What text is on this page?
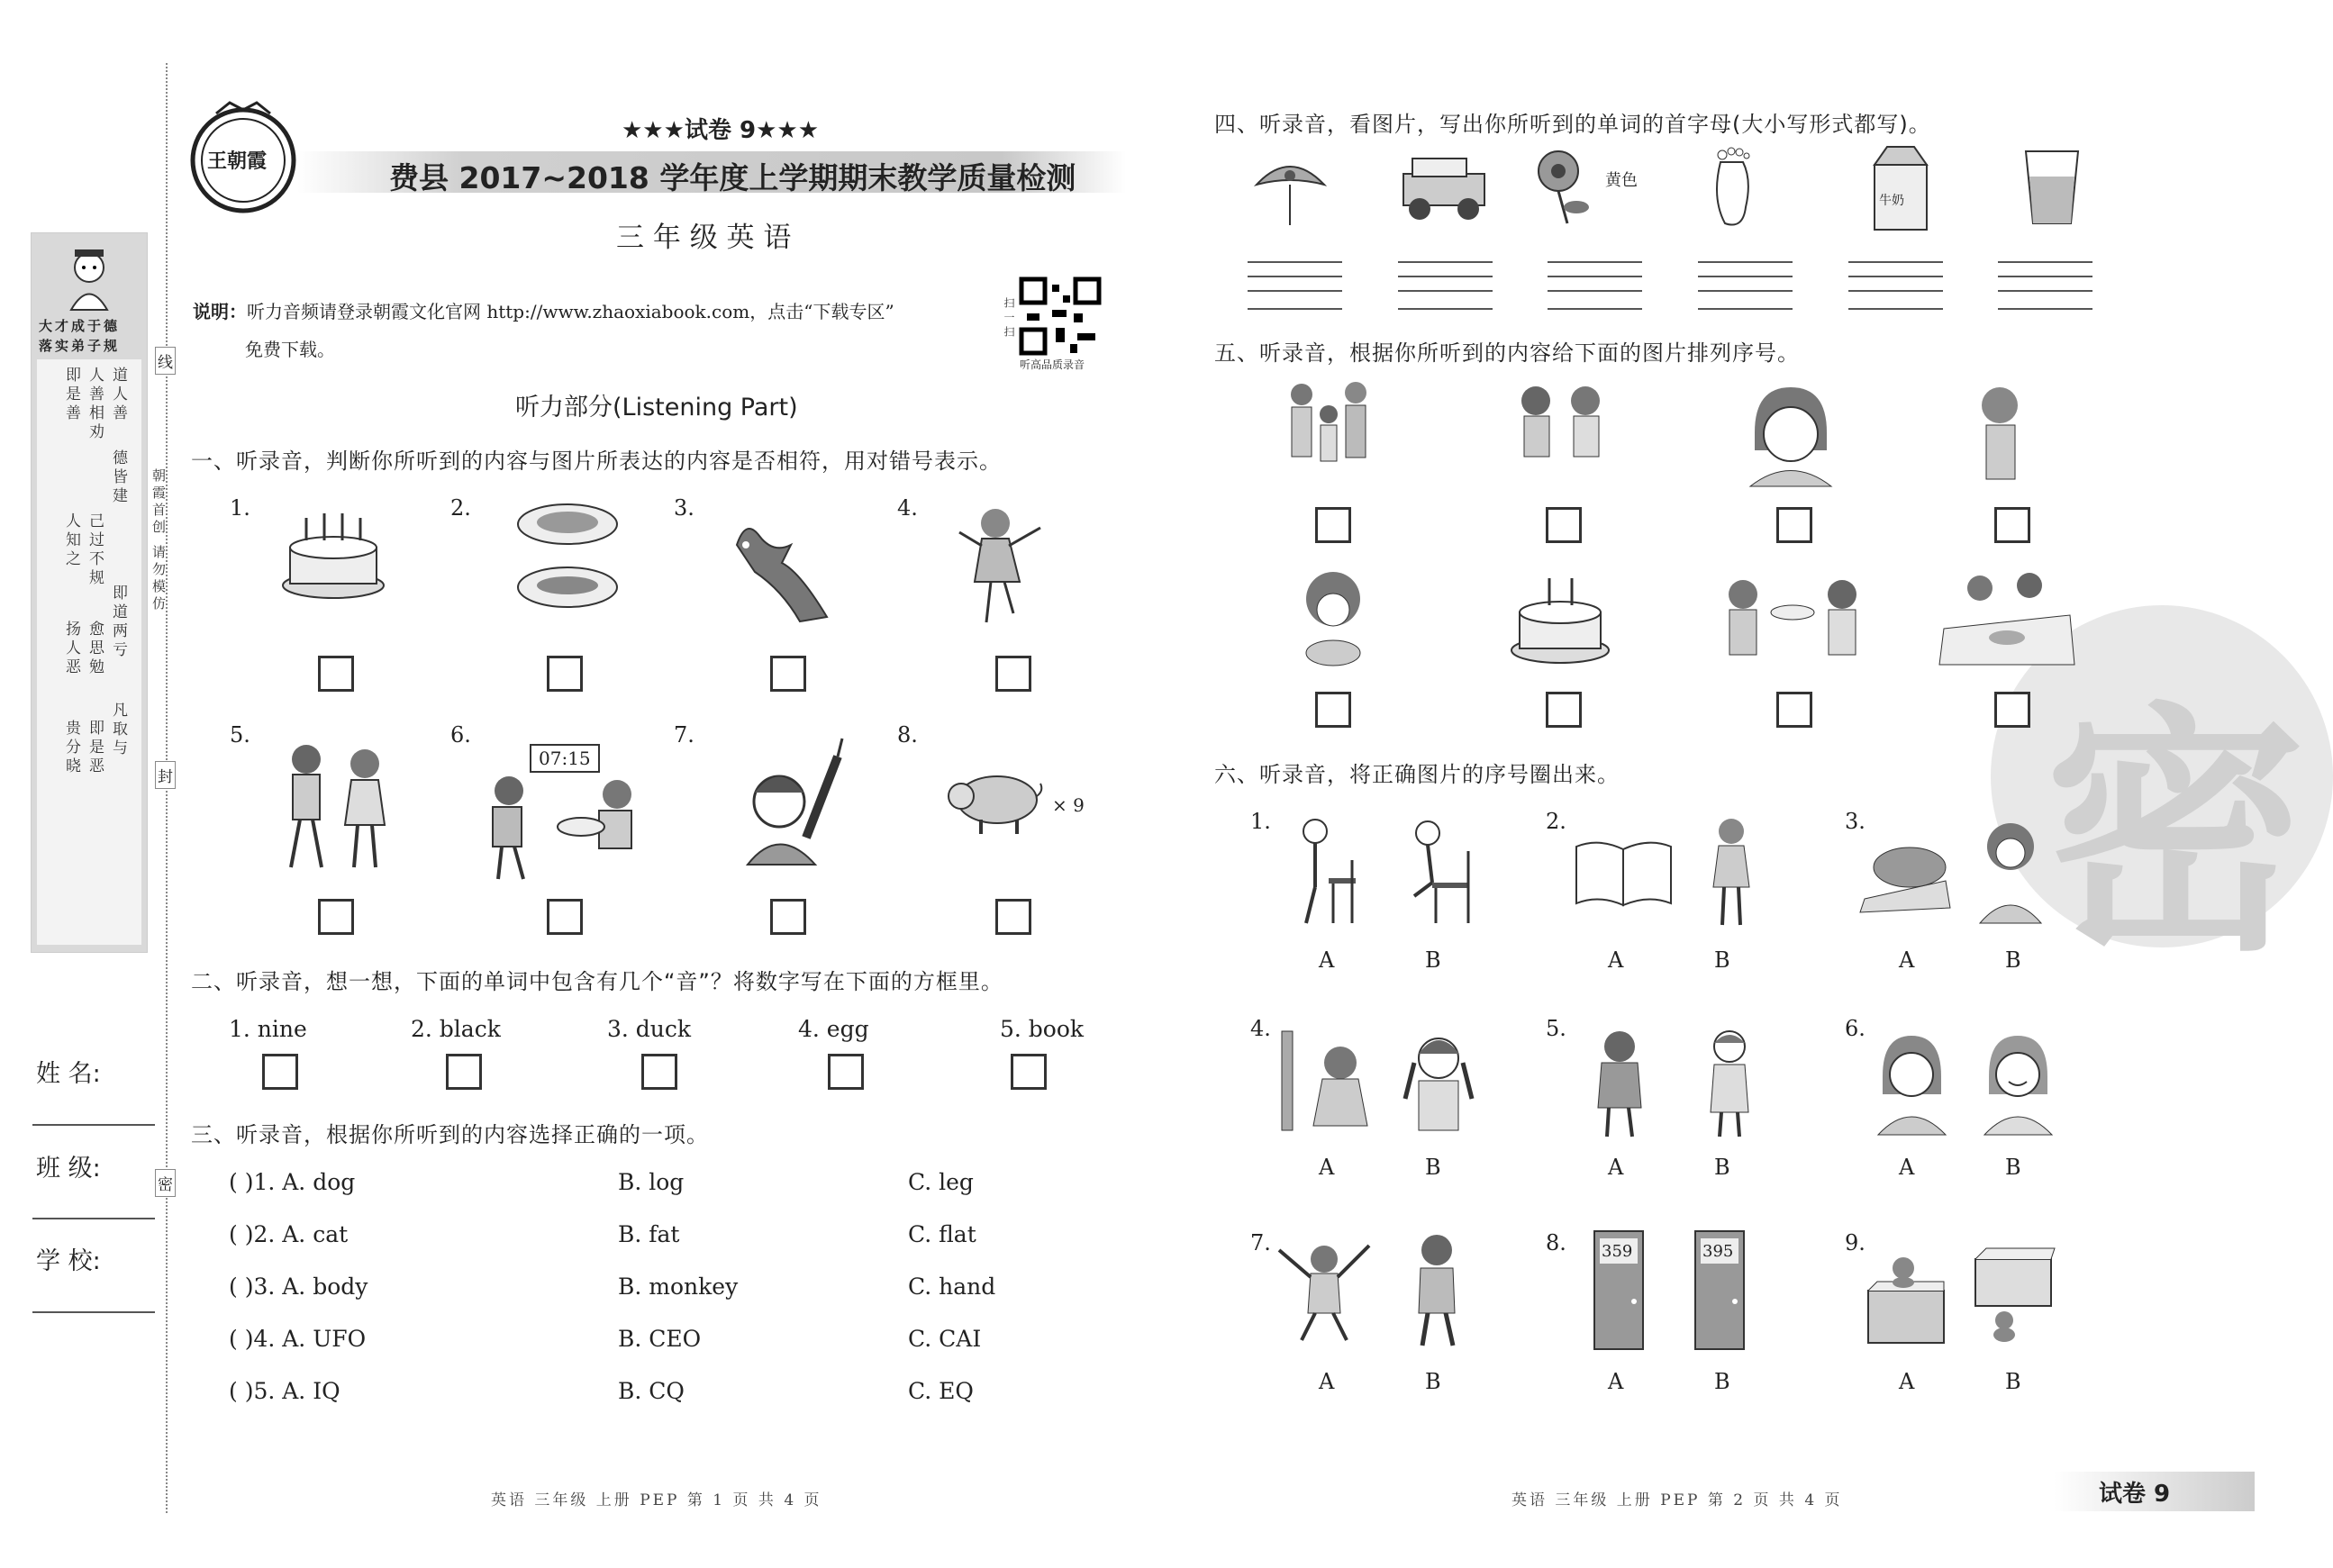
线
封
密
朝霞首创 请勿模仿
大才成于德
落实弟子规
道人善
人善相劝
即是善
德皆建
己过不规
人知之
即道两亏
愈思勉
扬人恶
凡取与
即是恶
贵分晓
姓 名:
班 级:
学 校:
王朝霞
★★★试卷 9★★★
费县 2017~2018 学年度上学期期末教学质量检测
三 年 级 英 语
说明： 听力音频请登录朝霞文化官网 http://www.zhaoxiabook.com，点击“下载专区”
免费下载。
扫一扫
听高品质录音
听力部分(Listening Part)
一、听录音，判断你所听到的内容与图片所表达的内容是否相符，用对错号表示。
1.	2.	3.	4.
5.	6.
07:15
7.	8.
× 9
二、听录音，想一想，下面的单词中包含有几个“音”？将数字写在下面的方框里。
1. nine	2. black	3. duck	4. egg	5. book
三、听录音，根据你所听到的内容选择正确的一项。
( )1. A. dog	B. log	C. leg
( )2. A. cat	B. fat	C. flat
( )3. A. body	B. monkey	C. hand
( )4. A. UFO	B. CEO	C. CAI
( )5. A. IQ	B. CQ	C. EQ
英语 三年级 上册 PEP 第 1 页 共 4 页
密
四、听录音，看图片，写出你所听到的单词的首字母(大小写形式都写)。
黄色
牛奶
五、听录音，根据你所听到的内容给下面的图片排列序号。
六、听录音，将正确图片的序号圈出来。
1.
A	B
2.
A	B
3.
A	B
4.
A	B
5.
A	B
6.
A	B
7.
A	B
8. 359	395
A	B
9.
A	B
英语 三年级 上册 PEP 第 2 页 共 4 页	试卷 9
